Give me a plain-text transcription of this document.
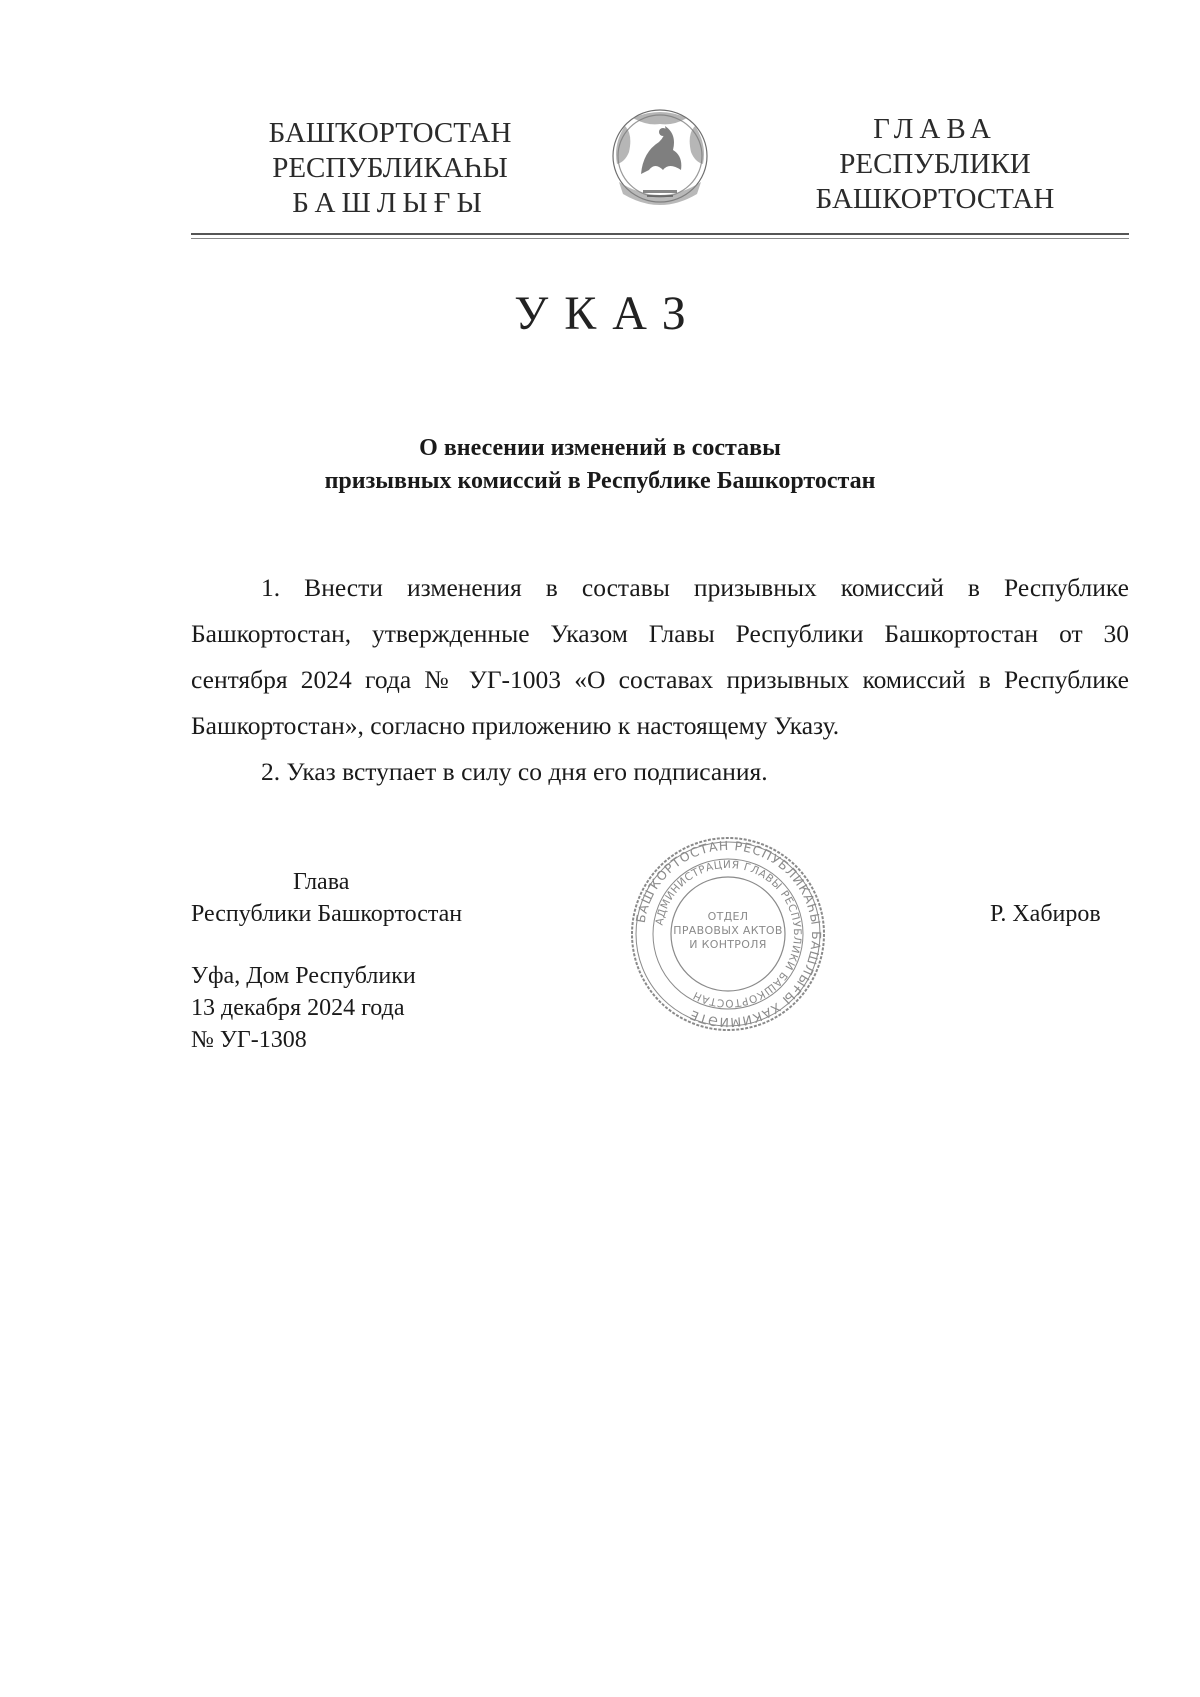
БАШҠОРТОСТАН
РЕСПУБЛИКАҺЫ
БАШЛЫҒЫ
ГЛАВА
РЕСПУБЛИКИ
БАШКОРТОСТАН
УКАЗ
О внесении изменений в составы
призывных комиссий в Республике Башкортостан

1. Внести изменения в составы призывных комиссий в Республике Башкортостан, утвержденные Указом Главы Республики Башкортостан от 30 сентября 2024 года № УГ-1003 «О составах призывных комиссий в Республике Башкортостан», согласно приложению к настоящему Указу.

2. Указ вступает в силу со дня его подписания.

Глава
Республики Башкортостан	Р. Хабиров
Уфа, Дом Республики
13 декабря 2024 года
№ УГ-1308
БАШҠОРТОСТАН РЕСПУБЛИКАҺЫ БАШЛЫҒЫ ХАКИМИӘТЕ
АДМИНИСТРАЦИЯ ГЛАВЫ РЕСПУБЛИКИ БАШКОРТОСТАН
ОТДЕЛ
ПРАВОВЫХ АКТОВ
И КОНТРОЛЯ
